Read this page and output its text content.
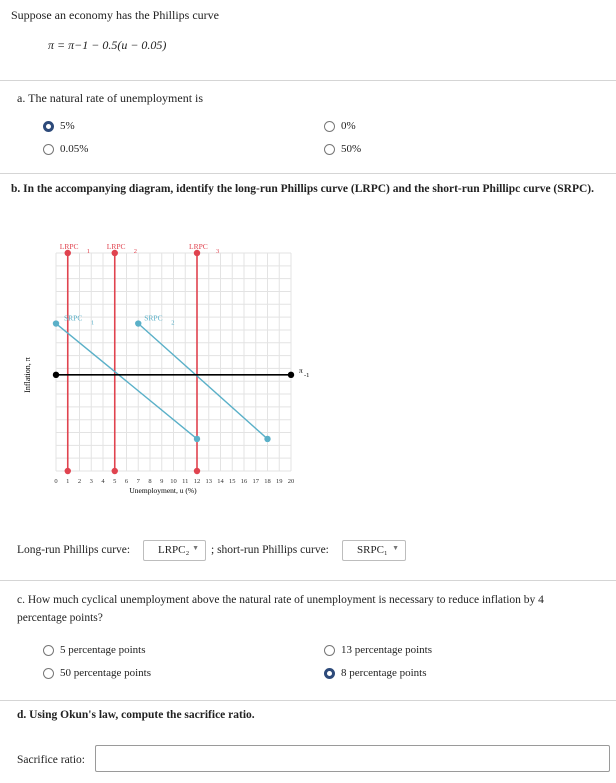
Suppose an economy has the Phillips curve
π = π−1 − 0.5(u − 0.05)
a. The natural rate of unemployment is
5%
0.05%
0%
50%
b. In the accompanying diagram, identify the long-run Phillips curve (LRPC) and the short-run Phillipc curve (SRPC).
LRPC
1
LRPC
2
LRPC
3
SRPC
1
SRPC
2
π
-1
0 1 2 3 4 5 6 7 8 9 10 11 12 13 14 15 16 17 18 19 20
Unemployment, u (%)
Inflation, π
Long-run Phillips curve:	LRPC₂ ▼ ; short-run Phillips curve:	SRPC₁ ▼
c. How much cyclical unemployment above the natural rate of unemployment is necessary to reduce inflation by 4
percentage points?
5 percentage points
50 percentage points
13 percentage points
8 percentage points
d. Using Okun's law, compute the sacrifice ratio.
Sacrifice ratio:
